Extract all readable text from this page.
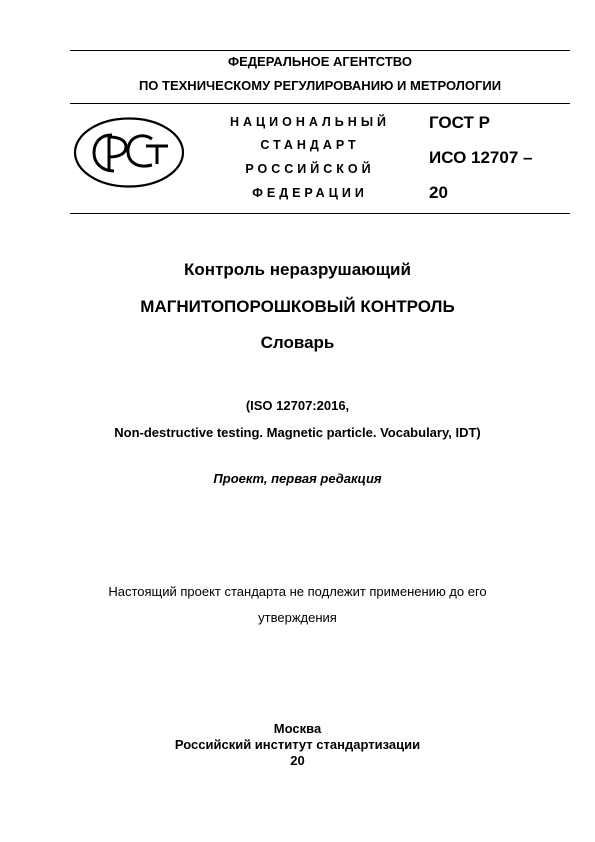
ФЕДЕРАЛЬНОЕ АГЕНТСТВО
ПО ТЕХНИЧЕСКОМУ РЕГУЛИРОВАНИЮ И МЕТРОЛОГИИ
НАЦИОНАЛЬНЫЙ
СТАНДАРТ
РОССИЙСКОЙ
ФЕДЕРАЦИИ
ГОСТ Р
ИСО 12707 –
20
Контроль неразрушающий
МАГНИТОПОРОШКОВЫЙ КОНТРОЛЬ
Словарь
(ISO 12707:2016,
Non-destructive testing. Magnetic particle. Vocabulary, IDT)
Проект, первая редакция
Настоящий проект стандарта не подлежит применению до его
утверждения
Москва
Российский институт стандартизации
20
